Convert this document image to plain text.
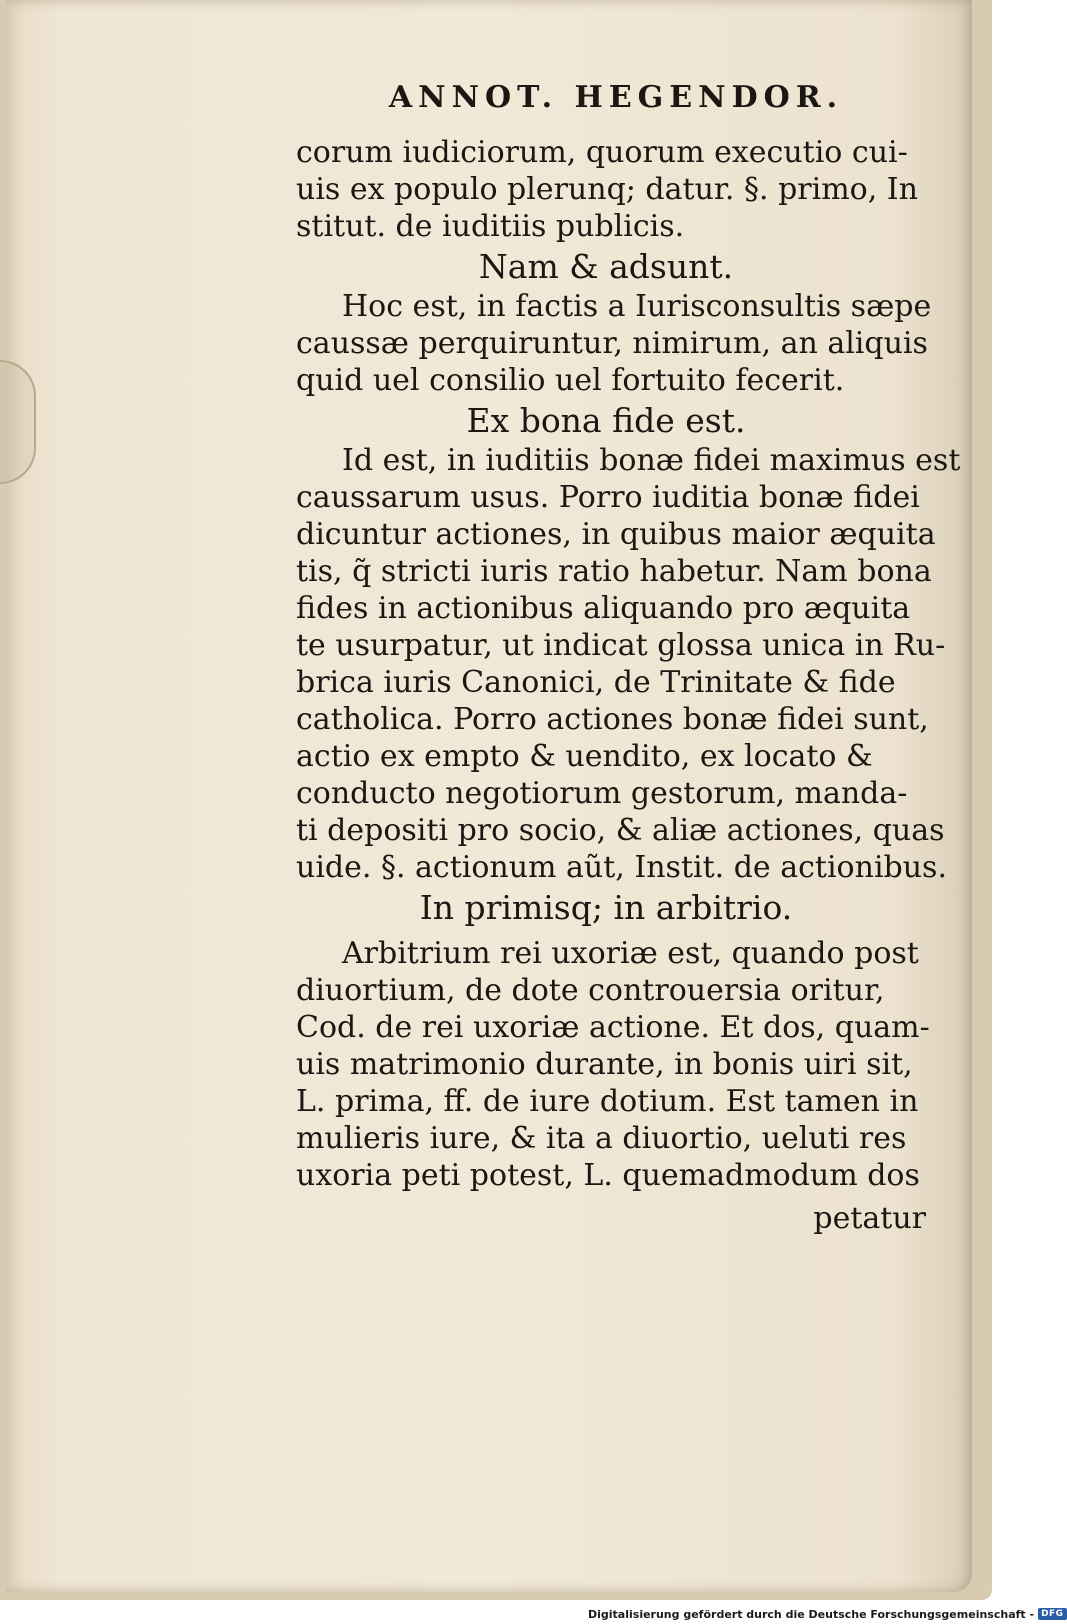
ANNOT. HEGENDOR.
corum iudiciorum, quorum executio cui-
uis ex populo plerunq; datur. §. primo, In
stitut. de iuditiis publicis.
Nam & adsunt.
Hoc est, in factis a Iurisconsultis sæpe
caussæ perquiruntur, nimirum, an aliquis
quid uel consilio uel fortuito fecerit.
Ex bona fide est.
Id est, in iuditiis bonæ fidei maximus est
caussarum usus. Porro iuditia bonæ fidei
dicuntur actiones, in quibus maior æquita
tis, q̃ stricti iuris ratio habetur. Nam bona
fides in actionibus aliquando pro æquita
te usurpatur, ut indicat glossa unica in Ru-
brica iuris Canonici, de Trinitate & fide
catholica. Porro actiones bonæ fidei sunt,
actio ex empto & uendito, ex locato &
conducto negotiorum gestorum, manda-
ti depositi pro socio, & aliæ actiones, quas
uide. §. actionum aũt, Instit. de actionibus.
In primisq; in arbitrio.
Arbitrium rei uxoriæ est, quando post
diuortium, de dote controuersia oritur,
Cod. de rei uxoriæ actione. Et dos, quam-
uis matrimonio durante, in bonis uiri sit,
L. prima, ff. de iure dotium. Est tamen in
mulieris iure, & ita a diuortio, ueluti res
uxoria peti potest, L. quemadmodum dos
petatur
Digitalisierung gefördert durch die Deutsche Forschungsgemeinschaft - DFG
